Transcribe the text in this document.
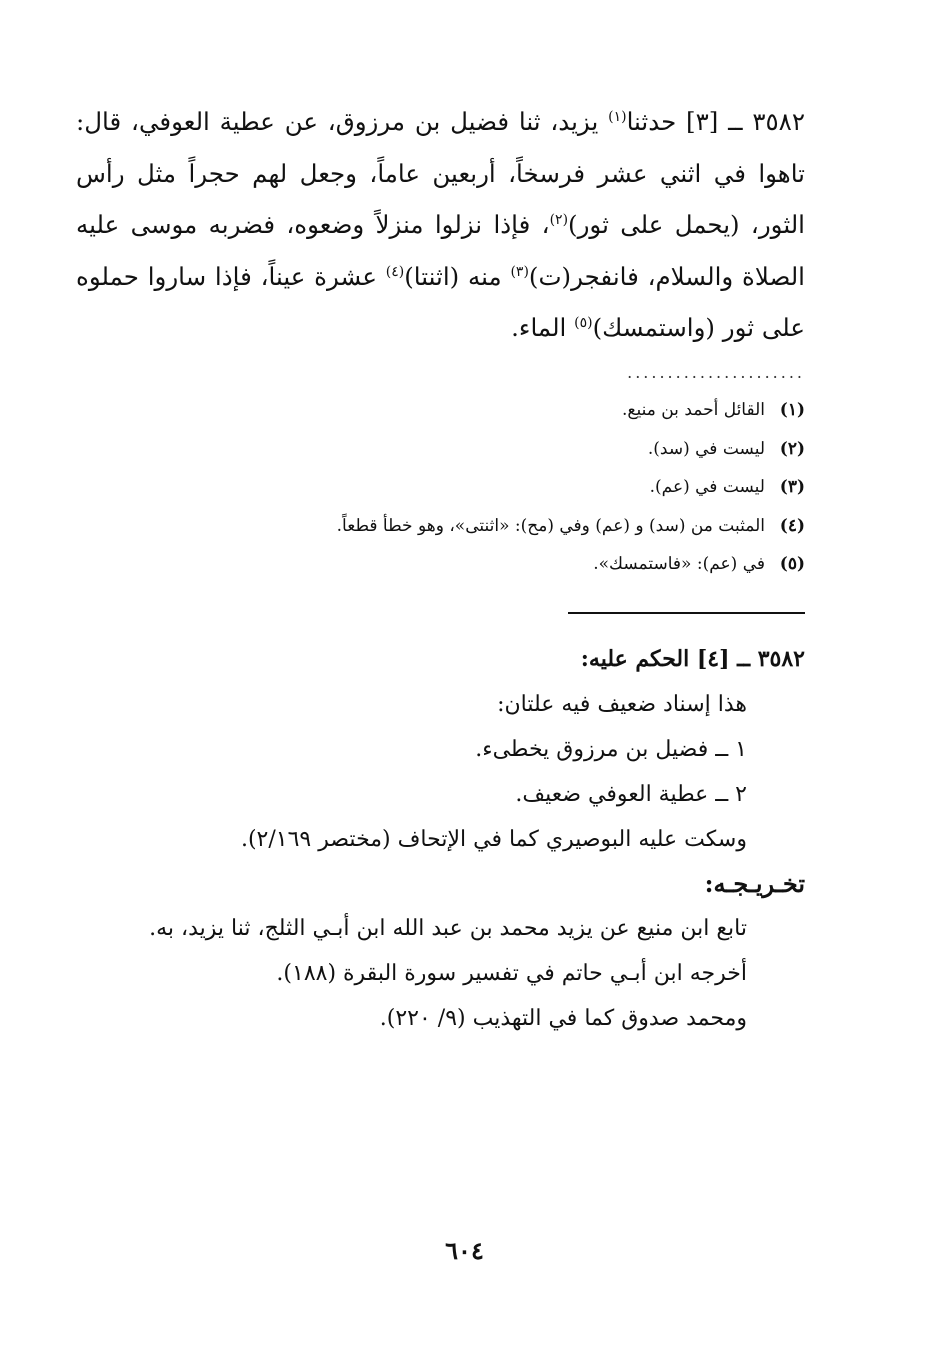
٣٥٨٢ ــ [٣] حدثنا$^{(١)}$ يزيد، ثنا فضيل بن مرزوق، عن عطية العوفي، قال: تاهوا في اثني عشر فرسخاً، أربعين عاماً، وجعل لهم حجراً مثل رأس الثور، (يحمل على ثور)$^{(٢)}$، فإذا نزلوا منزلاً وضعوه، فضربه موسى عليه الصلاة والسلام، فانفجر(ت)$^{(٣)}$ منه (اثنتا)$^{(٤)}$ عشرة عيناً، فإذا ساروا حملوه على ثور (واستمسك)$^{(٥)}$ الماء.

......................
(١)القائل أحمد بن منيع.
(٢)ليست في (سد).
(٣)ليست في (عم).
(٤)المثبت من (سد) و (عم) وفي (مح): «اثنتى»، وهو خطأ قطعاً.
(٥)في (عم): «فاستمسك».
٣٥٨٢ ــ [٤] الحكم عليه:
هذا إسناد ضعيف فيه علتان:
١ ــ فضيل بن مرزوق يخطىء.
٢ ــ عطية العوفي ضعيف.
وسكت عليه البوصيري كما في الإتحاف (مختصر ٢/١٦٩).
تخـريـجـه:
تابع ابن منيع عن يزيد محمد بن عبد الله ابن أبـي الثلج، ثنا يزيد، به.
أخرجه ابن أبـي حاتم في تفسير سورة البقرة (١٨٨).
ومحمد صدوق كما في التهذيب (٩/ ٢٢٠).
٦٠٤
